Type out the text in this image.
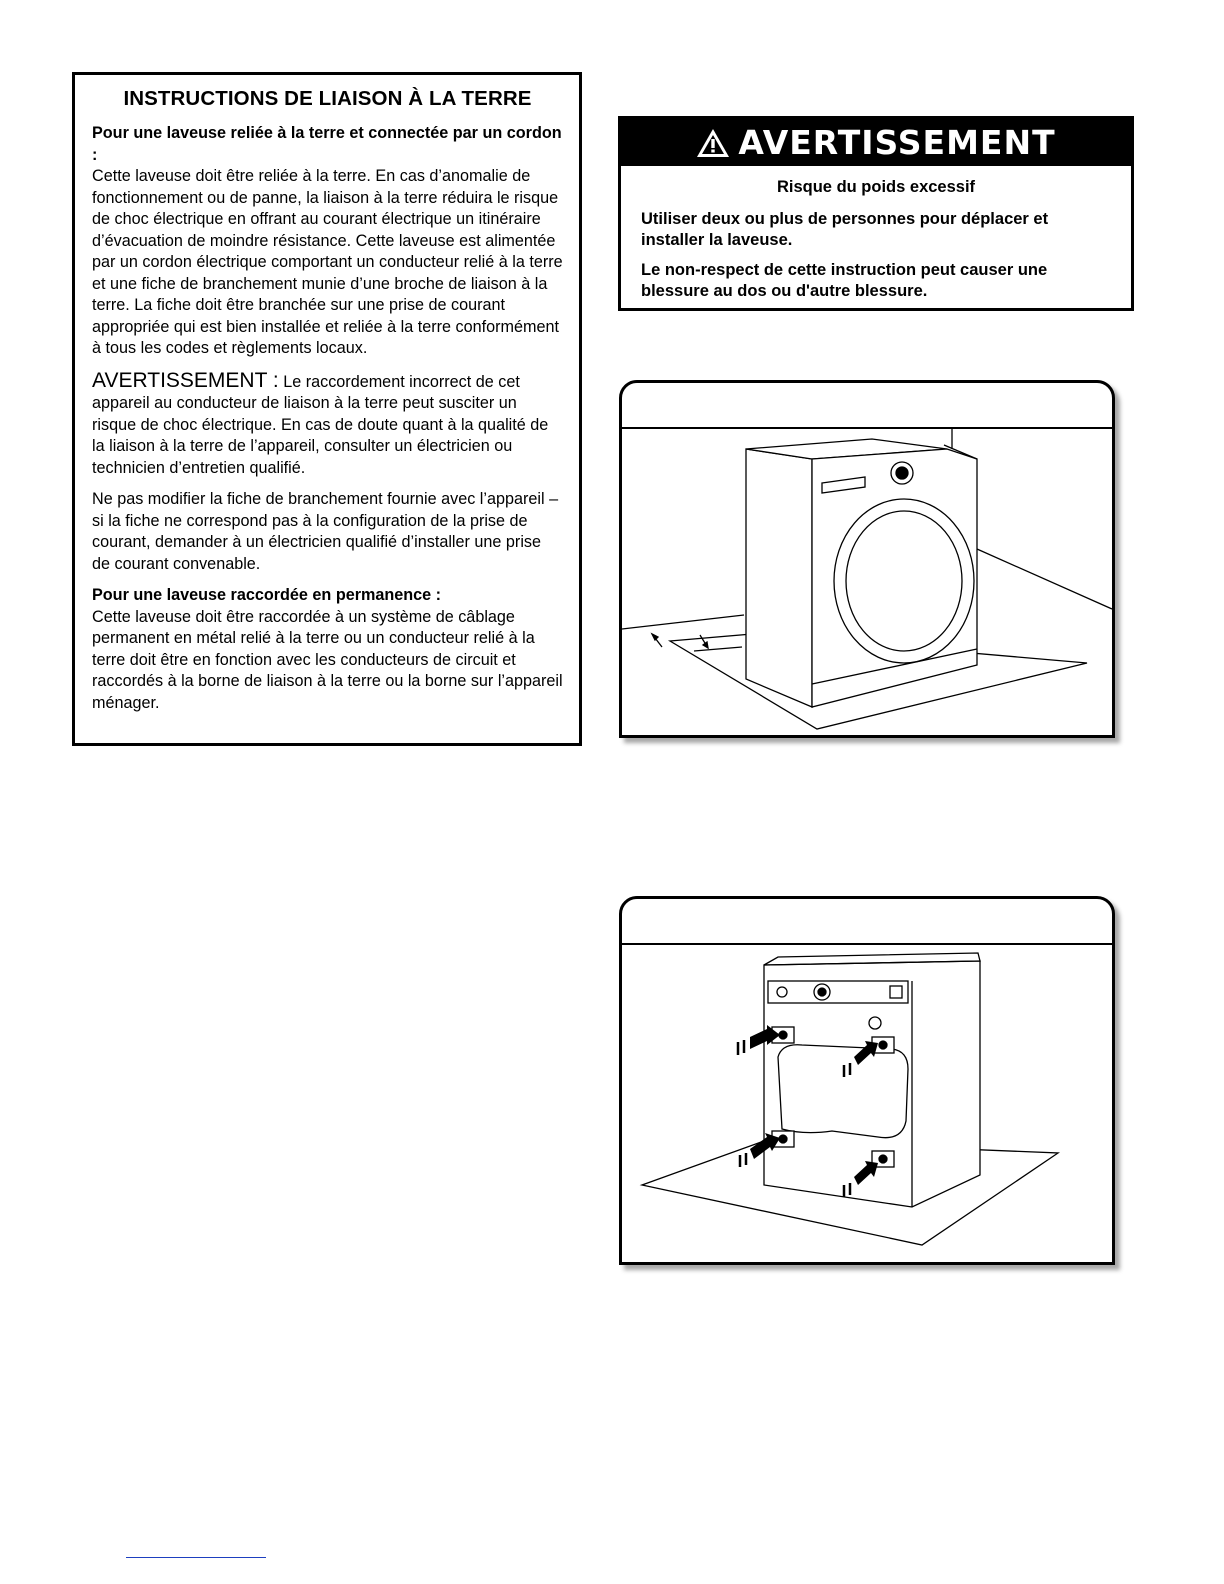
INSTRUCTIONS DE LIAISON À LA TERRE

Pour une laveuse reliée à la terre et connectée par un cordon :
Cette laveuse doit être reliée à la terre. En cas d’anomalie de fonctionnement ou de panne, la liaison à la terre réduira le risque de choc électrique en offrant au courant électrique un itinéraire d’évacuation de moindre résistance. Cette laveuse est alimentée par un cordon électrique comportant un conducteur relié à la terre et une fiche de branchement munie d’une broche de liaison à la terre. La fiche doit être branchée sur une prise de courant appropriée qui est bien installée et reliée à la terre conformément à tous les codes et règlements locaux.

AVERTISSEMENT : Le raccordement incorrect de cet appareil au conducteur de liaison à la terre peut susciter un risque de choc électrique. En cas de doute quant à la qualité de la liaison à la terre de l’appareil, consulter un électricien ou technicien d’entretien qualifié.

Ne pas modifier la fiche de branchement fournie avec l’appareil – si la fiche ne correspond pas à la configuration de la prise de courant, demander à un électricien qualifié d’installer une prise de courant convenable.

Pour une laveuse raccordée en permanence :
Cette laveuse doit être raccordée à un système de câblage permanent en métal relié à la terre ou un conducteur relié à la terre doit être en fonction avec les conducteurs de circuit et raccordés à la borne de liaison à la terre ou la borne sur l’appareil ménager.

AVERTISSEMENT
Risque du poids excessif

Utiliser deux ou plus de personnes pour déplacer et installer la laveuse.

Le non-respect de cette instruction peut causer une blessure au dos ou d'autre blessure.
